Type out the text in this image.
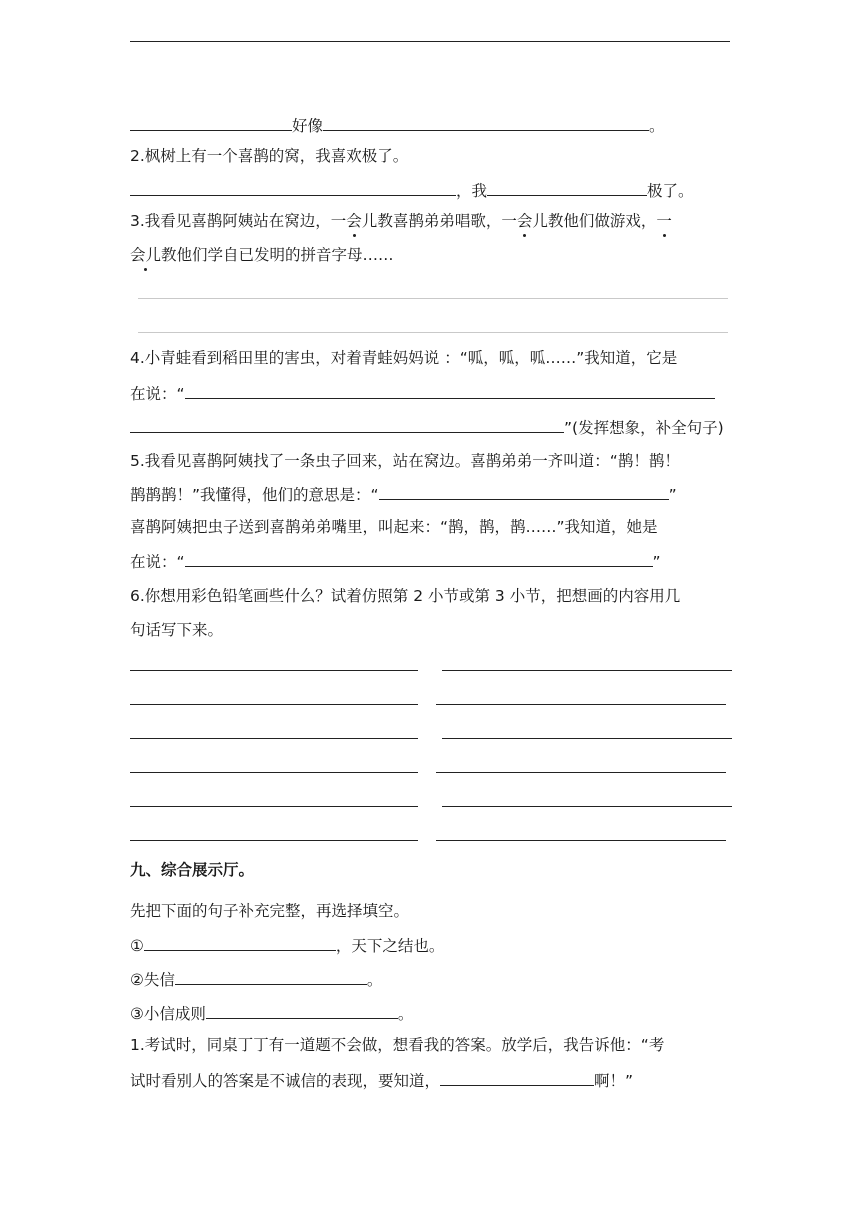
好像	。
2.枫树上有一个喜鹊的窝，我喜欢极了。
，我	极了。
3.我看见喜鹊阿姨站在窝边，一会儿教喜鹊弟弟唱歌，一会儿教他们做游戏，一
会儿教他们学自已发明的拼音字母……
4.小青蛙看到稻田里的害虫，对着青蛙妈妈说 ：“呱，呱，呱……”我知道，它是
在说：“
”(发挥想象，补全句子)
5.我看见喜鹊阿姨找了一条虫子回来，站在窝边。喜鹊弟弟一齐叫道：“鹊！鹊！
鹊鹊鹊！”我懂得，他们的意思是：“	”
喜鹊阿姨把虫子送到喜鹊弟弟嘴里，叫起来：“鹊，鹊，鹊……”我知道，她是
在说：“	”
6.你想用彩色铅笔画些什么？试着仿照第 2 小节或第 3 小节，把想画的内容用几
句话写下来。
九、综合展示厅。
先把下面的句子补充完整，再选择填空。
①	，天下之结也。
②失信	。
③小信成则	。
1.考试时，同桌丁丁有一道题不会做，想看我的答案。放学后，我告诉他：“考
试时看别人的答案是不诚信的表现，要知道，	啊！”
